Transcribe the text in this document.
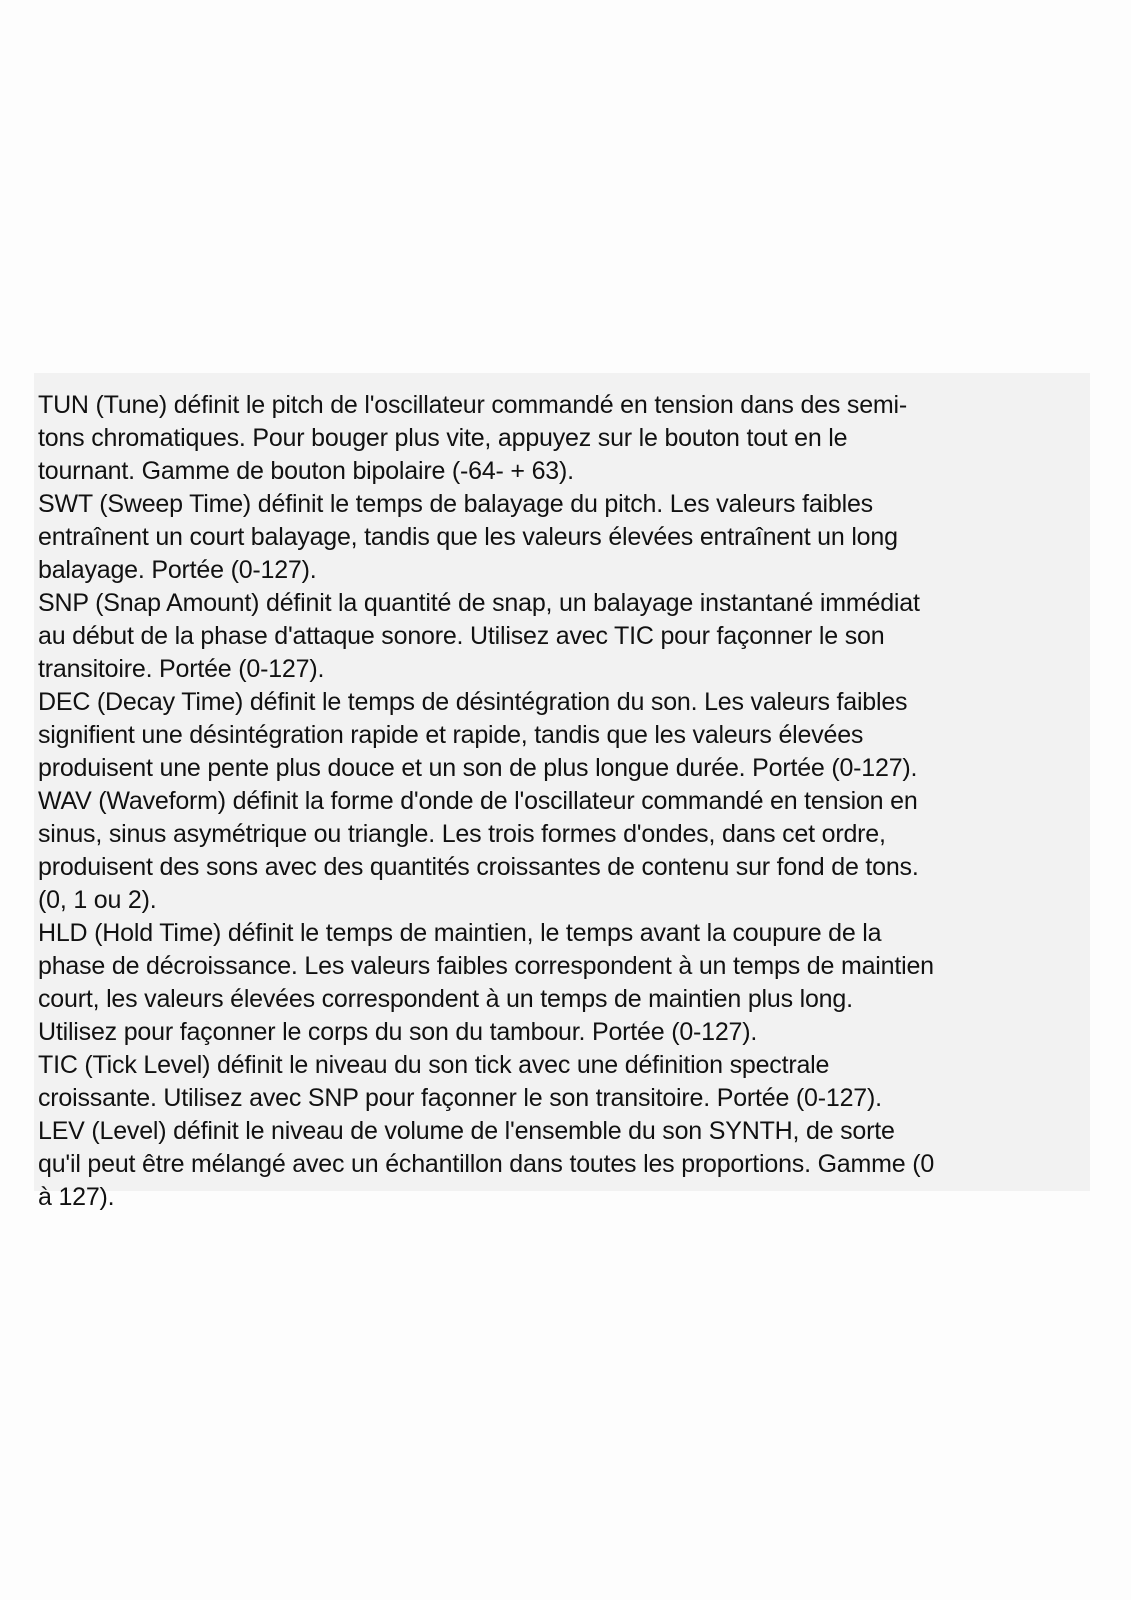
TUN (Tune) définit le pitch de l'oscillateur commandé en tension dans des semi-
tons chromatiques. Pour bouger plus vite, appuyez sur le bouton tout en le
tournant. Gamme de bouton bipolaire (-64- + 63).
SWT (Sweep Time) définit le temps de balayage du pitch. Les valeurs faibles
entraînent un court balayage, tandis que les valeurs élevées entraînent un long
balayage. Portée (0-127).
SNP (Snap Amount) définit la quantité de snap, un balayage instantané immédiat
au début de la phase d'attaque sonore. Utilisez avec TIC pour façonner le son
transitoire. Portée (0-127).
DEC (Decay Time) définit le temps de désintégration du son. Les valeurs faibles
signifient une désintégration rapide et rapide, tandis que les valeurs élevées
produisent une pente plus douce et un son de plus longue durée. Portée (0-127).
WAV (Waveform) définit la forme d'onde de l'oscillateur commandé en tension en
sinus, sinus asymétrique ou triangle. Les trois formes d'ondes, dans cet ordre,
produisent des sons avec des quantités croissantes de contenu sur fond de tons.
(0, 1 ou 2).
HLD (Hold Time) définit le temps de maintien, le temps avant la coupure de la
phase de décroissance. Les valeurs faibles correspondent à un temps de maintien
court, les valeurs élevées correspondent à un temps de maintien plus long.
Utilisez pour façonner le corps du son du tambour. Portée (0-127).
TIC (Tick Level) définit le niveau du son tick avec une définition spectrale
croissante. Utilisez avec SNP pour façonner le son transitoire. Portée (0-127).
LEV (Level) définit le niveau de volume de l'ensemble du son SYNTH, de sorte
qu'il peut être mélangé avec un échantillon dans toutes les proportions. Gamme (0
à 127).
